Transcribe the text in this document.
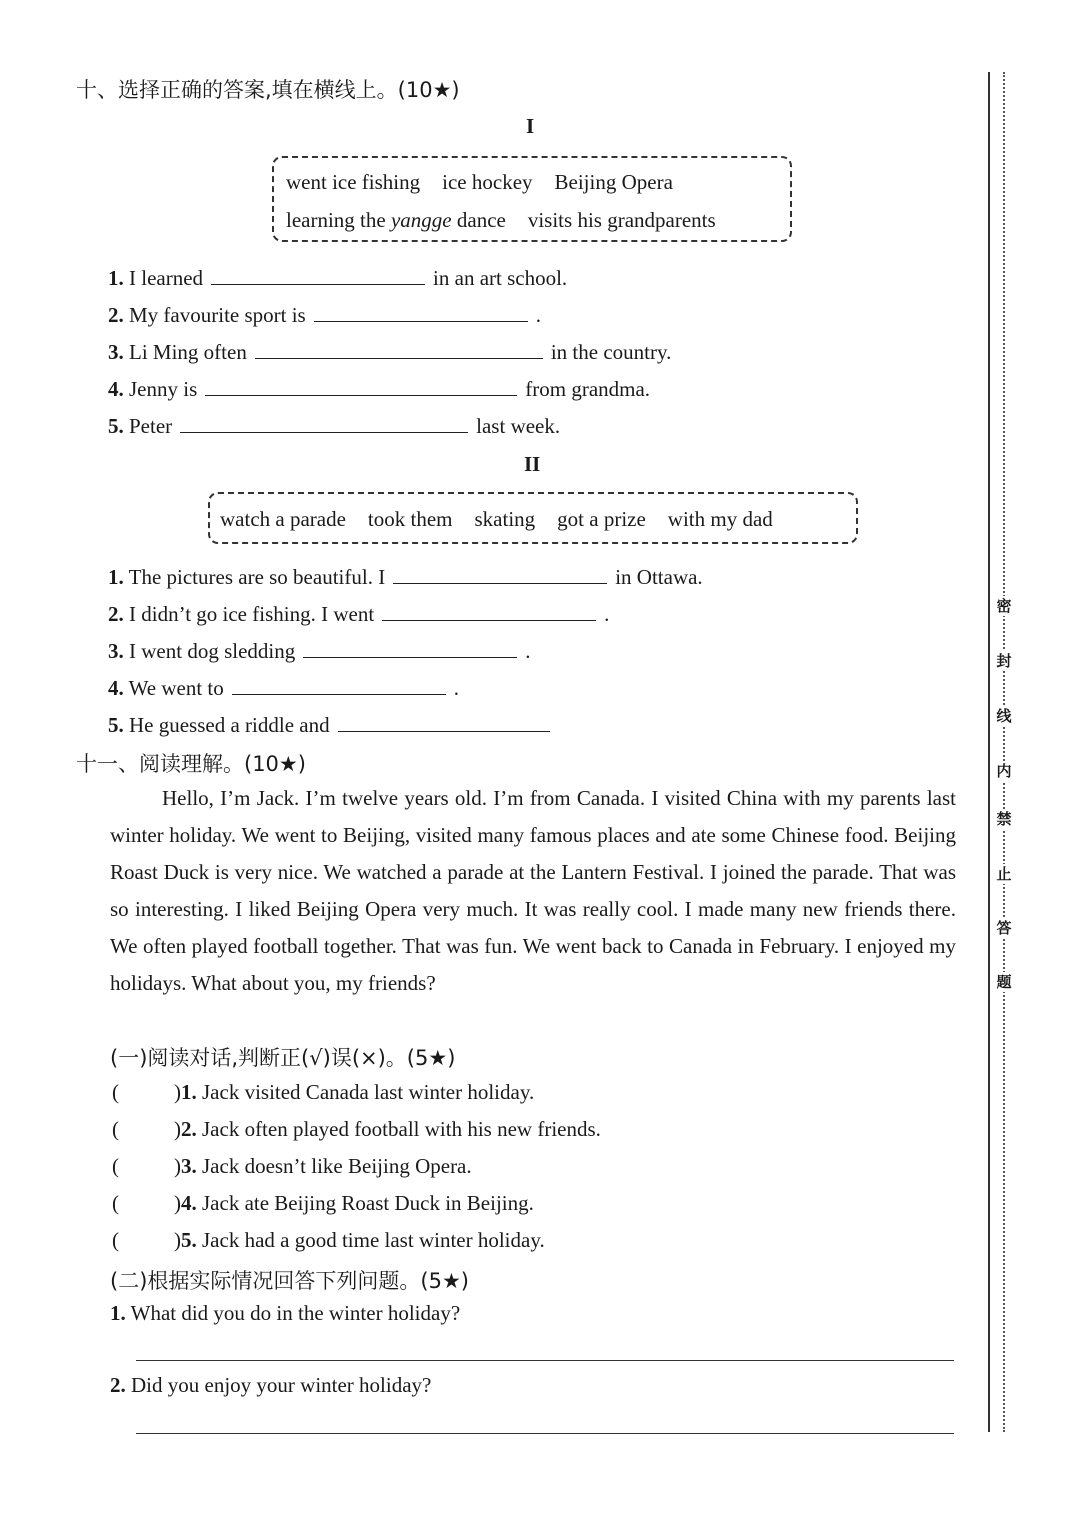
十、选择正确的答案,填在横线上。(10★)
I
went ice fishing ice hockey Beijing Opera
learning the yangge dance visits his grandparents
1. I learned	in an art school.
2. My favourite sport is	.
3. Li Ming often	in the country.
4. Jenny is	from grandma.
5. Peter	last week.
II
watch a parade took them skating got a prize with my dad
1. The pictures are so beautiful. I	in Ottawa.
2. I didn’t go ice fishing. I went	.
3. I went dog sledding	.
4. We went to	.
5. He guessed a riddle and
十一、阅读理解。(10★)

Hello, I’m Jack. I’m twelve years old. I’m from Canada. I visited China with my parents last winter holiday. We went to Beijing, visited many famous places and ate some Chinese food. Beijing Roast Duck is very nice. We watched a parade at the Lantern Festival. I joined the parade. That was so interesting. I liked Beijing Opera very much. It was really cool. I made many new friends there. We often played football together. That was fun. We went back to Canada in February. I enjoyed my holidays. What about you, my friends?

(一)阅读对话,判断正(√)误(×)。(5★)
(	)1. Jack visited Canada last winter holiday.
(	)2. Jack often played football with his new friends.
(	)3. Jack doesn’t like Beijing Opera.
(	)4. Jack ate Beijing Roast Duck in Beijing.
(	)5. Jack had a good time last winter holiday.
(二)根据实际情况回答下列问题。(5★)
1. What did you do in the winter holiday?
2. Did you enjoy your winter holiday?
密
封
线
内
禁
止
答
题
